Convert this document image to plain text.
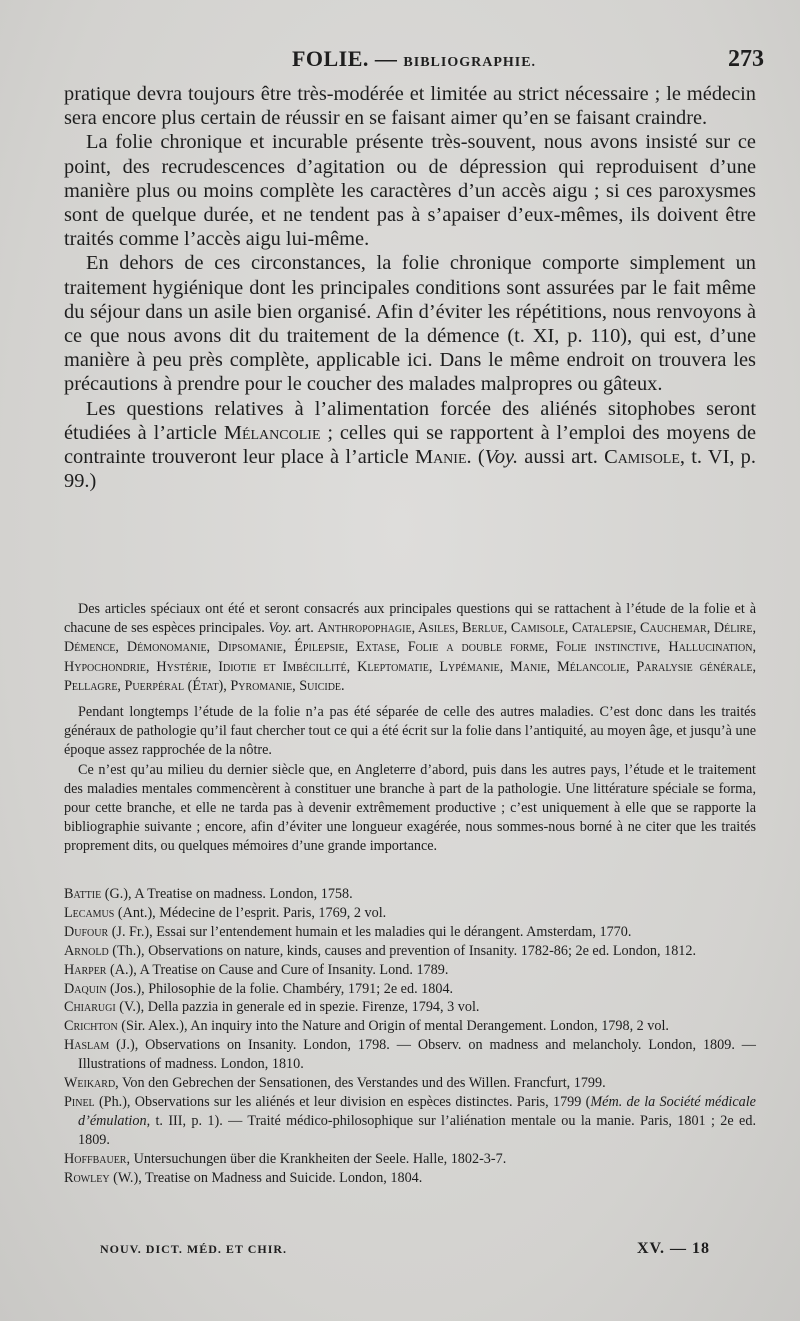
FOLIE. — BIBLIOGRAPHIE.	273

pratique devra toujours être très-modérée et limitée au strict nécessaire ; le médecin sera encore plus certain de réussir en se faisant aimer qu’en se faisant craindre.

La folie chronique et incurable présente très-souvent, nous avons insisté sur ce point, des recrudescences d’agitation ou de dépression qui reproduisent d’une manière plus ou moins complète les caractères d’un accès aigu ; si ces paroxysmes sont de quelque durée, et ne tendent pas à s’apaiser d’eux-mêmes, ils doivent être traités comme l’accès aigu lui-même.

En dehors de ces circonstances, la folie chronique comporte simplement un traitement hygiénique dont les principales conditions sont assurées par le fait même du séjour dans un asile bien organisé. Afin d’éviter les répétitions, nous renvoyons à ce que nous avons dit du traitement de la démence (t. XI, p. 110), qui est, d’une manière à peu près complète, applicable ici. Dans le même endroit on trouvera les précautions à prendre pour le coucher des malades malpropres ou gâteux.

Les questions relatives à l’alimentation forcée des aliénés sitophobes seront étudiées à l’article Mélancolie ; celles qui se rapportent à l’emploi des moyens de contrainte trouveront leur place à l’article Manie. (Voy. aussi art. Camisole, t. VI, p. 99.)

Des articles spéciaux ont été et seront consacrés aux principales questions qui se rattachent à l’étude de la folie et à chacune de ses espèces principales. Voy. art. Anthropophagie, Asiles, Berlue, Camisole, Catalepsie, Cauchemar, Délire, Démence, Démonomanie, Dipsomanie, Épilepsie, Extase, Folie a double forme, Folie instinctive, Hallucination, Hypochondrie, Hystérie, Idiotie et Imbécillité, Kleptomatie, Lypémanie, Manie, Mélancolie, Paralysie générale, Pellagre, Puerpéral (État), Pyromanie, Suicide.

Pendant longtemps l’étude de la folie n’a pas été séparée de celle des autres maladies. C’est donc dans les traités généraux de pathologie qu’il faut chercher tout ce qui a été écrit sur la folie dans l’antiquité, au moyen âge, et jusqu’à une époque assez rapprochée de la nôtre.

Ce n’est qu’au milieu du dernier siècle que, en Angleterre d’abord, puis dans les autres pays, l’étude et le traitement des maladies mentales commencèrent à constituer une branche à part de la pathologie. Une littérature spéciale se forma, pour cette branche, et elle ne tarda pas à devenir extrêmement productive ; c’est uniquement à elle que se rapporte la bibliographie suivante ; encore, afin d’éviter une longueur exagérée, nous sommes-nous borné à ne citer que les traités proprement dits, ou quelques mémoires d’une grande importance.

Battie (G.), A Treatise on madness. London, 1758.

Lecamus (Ant.), Médecine de l’esprit. Paris, 1769, 2 vol.

Dufour (J. Fr.), Essai sur l’entendement humain et les maladies qui le dérangent. Amsterdam, 1770.

Arnold (Th.), Observations on nature, kinds, causes and prevention of Insanity. 1782-86; 2e ed. London, 1812.

Harper (A.), A Treatise on Cause and Cure of Insanity. Lond. 1789.

Daquin (Jos.), Philosophie de la folie. Chambéry, 1791; 2e ed. 1804.

Chiarugi (V.), Della pazzia in generale ed in spezie. Firenze, 1794, 3 vol.

Crichton (Sir. Alex.), An inquiry into the Nature and Origin of mental Derangement. London, 1798, 2 vol.

Haslam (J.), Observations on Insanity. London, 1798. — Observ. on madness and melancholy. London, 1809. — Illustrations of madness. London, 1810.

Weikard, Von den Gebrechen der Sensationen, des Verstandes und des Willen. Francfurt, 1799.

Pinel (Ph.), Observations sur les aliénés et leur division en espèces distinctes. Paris, 1799 (Mém. de la Société médicale d’émulation, t. III, p. 1). — Traité médico-philosophique sur l’aliénation mentale ou la manie. Paris, 1801 ; 2e ed. 1809.

Hoffbauer, Untersuchungen über die Krankheiten der Seele. Halle, 1802-3-7.

Rowley (W.), Treatise on Madness and Suicide. London, 1804.

NOUV. DICT. MÉD. ET CHIR.	XV. — 18
